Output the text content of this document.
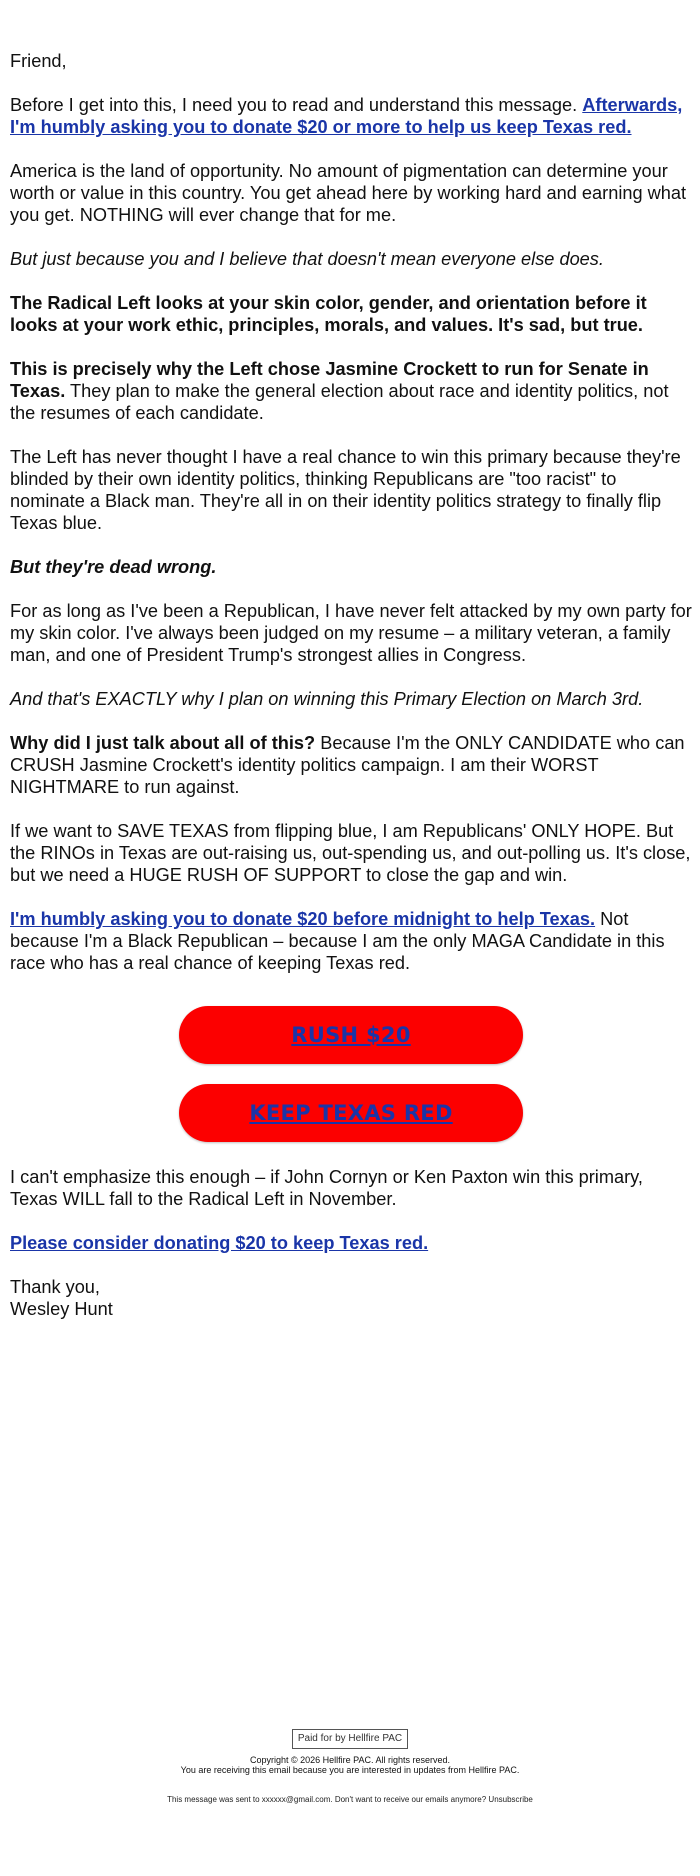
Friend,

Before I get into this, I need you to read and understand this message. Afterwards, I'm humbly asking you to donate $20 or more to help us keep Texas red.

America is the land of opportunity. No amount of pigmentation can determine your worth or value in this country. You get ahead here by working hard and earning what you get. NOTHING will ever change that for me.

But just because you and I believe that doesn't mean everyone else does.

The Radical Left looks at your skin color, gender, and orientation before it looks at your work ethic, principles, morals, and values. It's sad, but true.

This is precisely why the Left chose Jasmine Crockett to run for Senate in Texas. They plan to make the general election about race and identity politics, not the resumes of each candidate.

The Left has never thought I have a real chance to win this primary because they're blinded by their own identity politics, thinking Republicans are "too racist" to nominate a Black man. They're all in on their identity politics strategy to finally flip Texas blue.

But they're dead wrong.

For as long as I've been a Republican, I have never felt attacked by my own party for my skin color. I've always been judged on my resume – a military veteran, a family man, and one of President Trump's strongest allies in Congress.

And that's EXACTLY why I plan on winning this Primary Election on March 3rd.

Why did I just talk about all of this? Because I'm the ONLY CANDIDATE who can CRUSH Jasmine Crockett's identity politics campaign. I am their WORST NIGHTMARE to run against.

If we want to SAVE TEXAS from flipping blue, I am Republicans' ONLY HOPE. But the RINOs in Texas are out-raising us, out-spending us, and out-polling us. It's close, but we need a HUGE RUSH OF SUPPORT to close the gap and win.

I'm humbly asking you to donate $20 before midnight to help Texas. Not because I'm a Black Republican – because I am the only MAGA Candidate in this race who has a real chance of keeping Texas red.

RUSH $20
KEEP TEXAS RED

I can't emphasize this enough – if John Cornyn or Ken Paxton win this primary, Texas WILL fall to the Radical Left in November.

Please consider donating $20 to keep Texas red.

Thank you,
Wesley Hunt

Paid for by Hellfire PAC
Copyright © 2026 Hellfire PAC. All rights reserved.
You are receiving this email because you are interested in updates from Hellfire PAC.
This message was sent to xxxxxx@gmail.com. Don't want to receive our emails anymore? Unsubscribe
